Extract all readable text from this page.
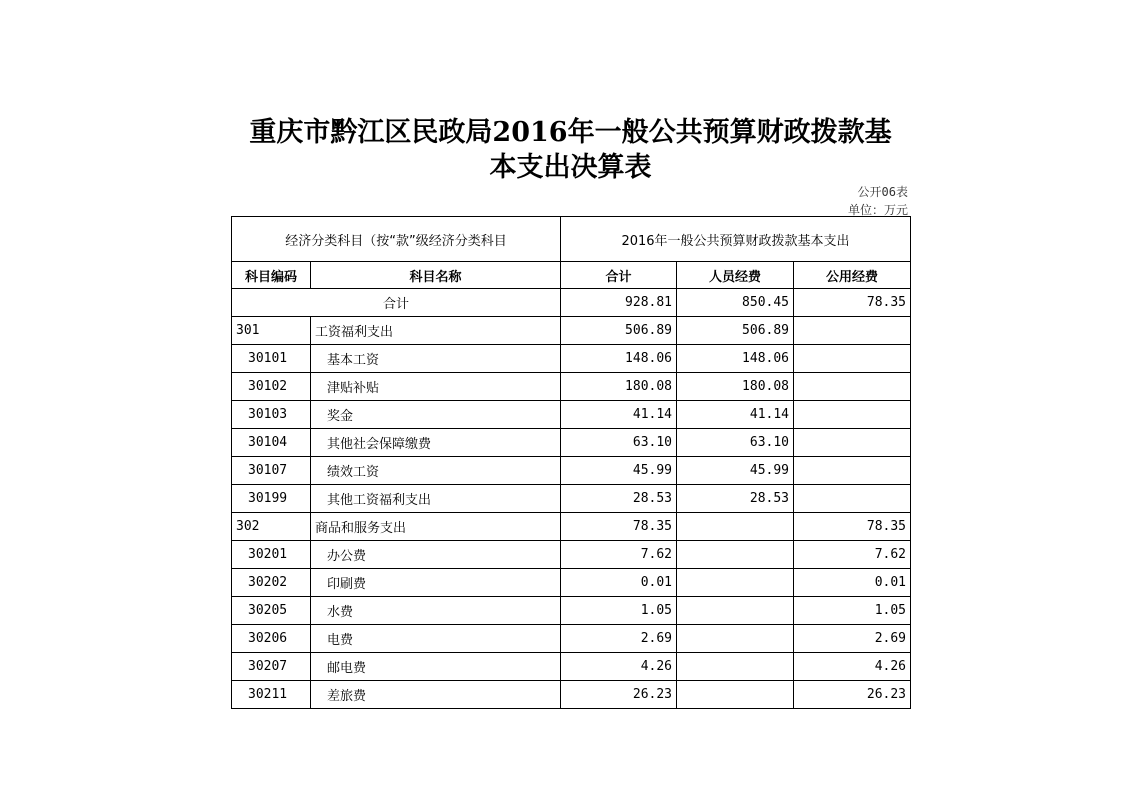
重庆市黔江区民政局2016年一般公共预算财政拨款基
本支出决算表
公开06表
单位：万元
经济分类科目（按“款”级经济分类科目		2016年一般公共预算财政拨款基本支出		
科目编码	科目名称	合计	人员经费	公用经费
合计		928.81	850.45	78.35
301	工资福利支出	506.89	506.89	
30101	基本工资	148.06	148.06	
30102	津贴补贴	180.08	180.08	
30103	奖金	41.14	41.14	
30104	其他社会保障缴费	63.10	63.10	
30107	绩效工资	45.99	45.99	
30199	其他工资福利支出	28.53	28.53	
302	商品和服务支出	78.35		78.35
30201	办公费	7.62		7.62
30202	印刷费	0.01		0.01
30205	水费	1.05		1.05
30206	电费	2.69		2.69
30207	邮电费	4.26		4.26
30211	差旅费	26.23		26.23
